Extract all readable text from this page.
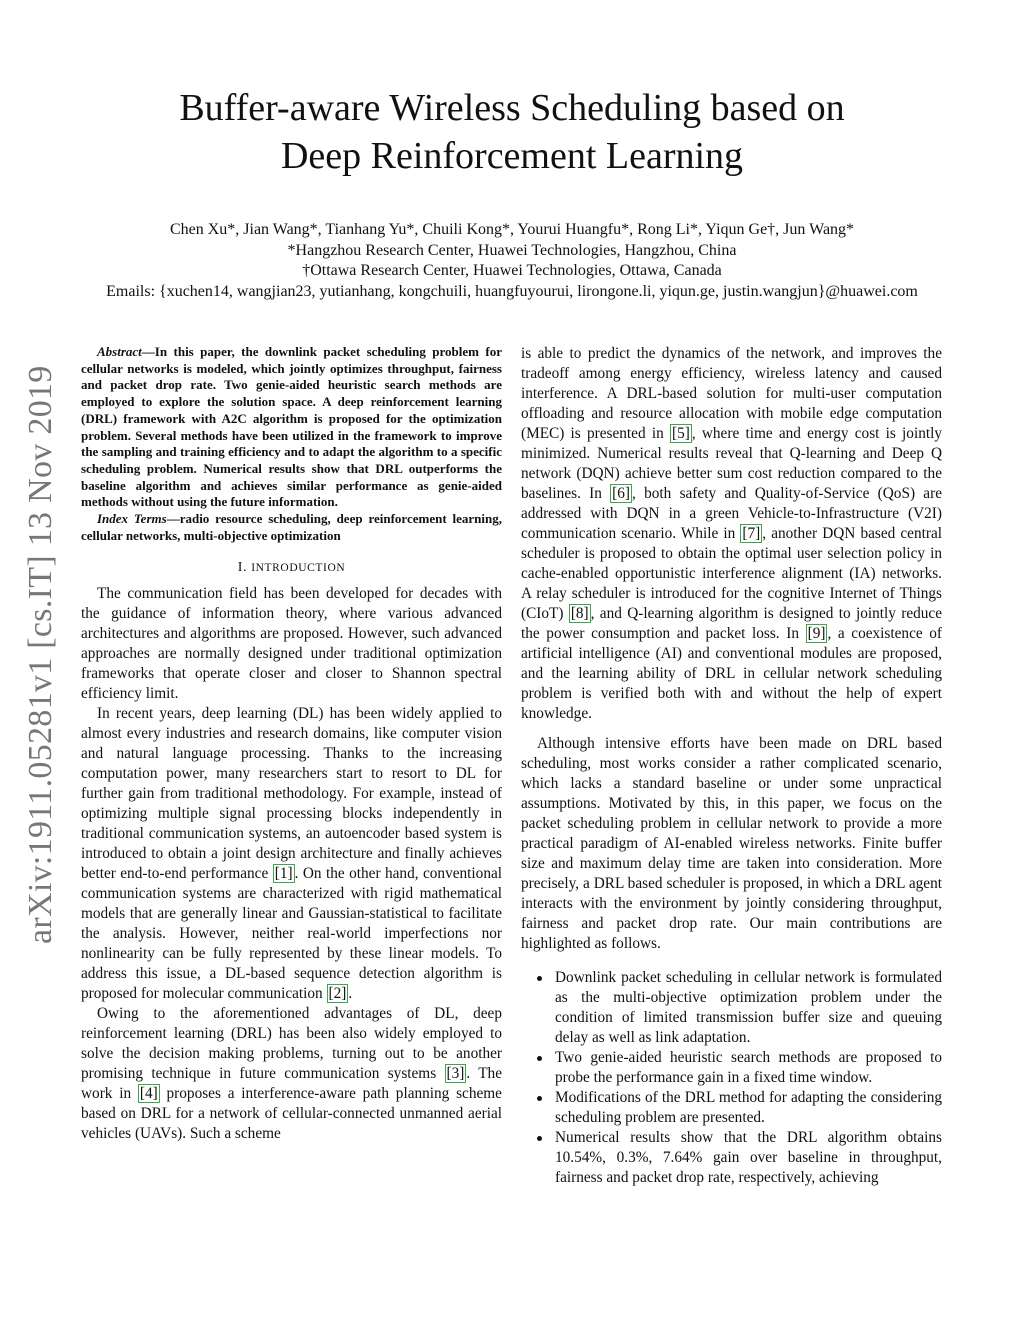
arXiv:1911.05281v1 [cs.IT] 13 Nov 2019
Buffer-aware Wireless Scheduling based on
Deep Reinforcement Learning
Chen Xu*, Jian Wang*, Tianhang Yu*, Chuili Kong*, Yourui Huangfu*, Rong Li*, Yiqun Ge†, Jun Wang*
*Hangzhou Research Center, Huawei Technologies, Hangzhou, China
†Ottawa Research Center, Huawei Technologies, Ottawa, Canada
Emails: {xuchen14, wangjian23, yutianhang, kongchuili, huangfuyourui, lirongone.li, yiqun.ge, justin.wangjun}@huawei.com

Abstract—In this paper, the downlink packet scheduling problem for cellular networks is modeled, which jointly optimizes throughput, fairness and packet drop rate. Two genie-aided heuristic search methods are employed to explore the solution space. A deep reinforcement learning (DRL) framework with A2C algorithm is proposed for the optimization problem. Several methods have been utilized in the framework to improve the sampling and training efficiency and to adapt the algorithm to a specific scheduling problem. Numerical results show that DRL outperforms the baseline algorithm and achieves similar performance as genie-aided methods without using the future information.

Index Terms—radio resource scheduling, deep reinforcement learning, cellular networks, multi-objective optimization

I. INTRODUCTION

The communication field has been developed for decades with the guidance of information theory, where various advanced architectures and algorithms are proposed. However, such advanced approaches are normally designed under traditional optimization frameworks that operate closer and closer to Shannon spectral efficiency limit.

In recent years, deep learning (DL) has been widely applied to almost every industries and research domains, like computer vision and natural language processing. Thanks to the increasing computation power, many researchers start to resort to DL for further gain from traditional methodology. For example, instead of optimizing multiple signal processing blocks independently in traditional communication systems, an autoencoder based system is introduced to obtain a joint design architecture and finally achieves better end-to-end performance [1] . On the other hand, conventional communication systems are characterized with rigid mathematical models that are generally linear and Gaussian-statistical to facilitate the analysis. However, neither real-world imperfections nor nonlinearity can be fully represented by these linear models. To address this issue, a DL-based sequence detection algorithm is proposed for molecular communication [2] .

Owing to the aforementioned advantages of DL, deep reinforcement learning (DRL) has been also widely employed to solve the decision making problems, turning out to be another promising technique in future communication systems [3] . The work in [4] proposes a interference-aware path planning scheme based on DRL for a network of cellular-connected unmanned aerial vehicles (UAVs). Such a scheme

is able to predict the dynamics of the network, and improves the tradeoff among energy efficiency, wireless latency and caused interference. A DRL-based solution for multi-user computation offloading and resource allocation with mobile edge computation (MEC) is presented in [5] , where time and energy cost is jointly minimized. Numerical results reveal that Q-learning and Deep Q network (DQN) achieve better sum cost reduction compared to the baselines. In [6] , both safety and Quality-of-Service (QoS) are addressed with DQN in a green Vehicle-to-Infrastructure (V2I) communication scenario. While in [7] , another DQN based central scheduler is proposed to obtain the optimal user selection policy in cache-enabled opportunistic interference alignment (IA) networks. A relay scheduler is introduced for the cognitive Internet of Things (CIoT) [8] , and Q-learning algorithm is designed to jointly reduce the power consumption and packet loss. In [9] , a coexistence of artificial intelligence (AI) and conventional modules are proposed, and the learning ability of DRL in cellular network scheduling problem is verified both with and without the help of expert knowledge.

Although intensive efforts have been made on DRL based scheduling, most works consider a rather complicated scenario, which lacks a standard baseline or under some unpractical assumptions. Motivated by this, in this paper, we focus on the packet scheduling problem in cellular network to provide a more practical paradigm of AI-enabled wireless networks. Finite buffer size and maximum delay time are taken into consideration. More precisely, a DRL based scheduler is proposed, in which a DRL agent interacts with the environment by jointly considering throughput, fairness and packet drop rate. Our main contributions are highlighted as follows.

Downlink packet scheduling in cellular network is formulated as the multi-objective optimization problem under the condition of limited transmission buffer size and queuing delay as well as link adaptation.
Two genie-aided heuristic search methods are proposed to probe the performance gain in a fixed time window.
Modifications of the DRL method for adapting the considering scheduling problem are presented.
Numerical results show that the DRL algorithm obtains 10.54%, 0.3%, 7.64% gain over baseline in throughput, fairness and packet drop rate, respectively, achieving
